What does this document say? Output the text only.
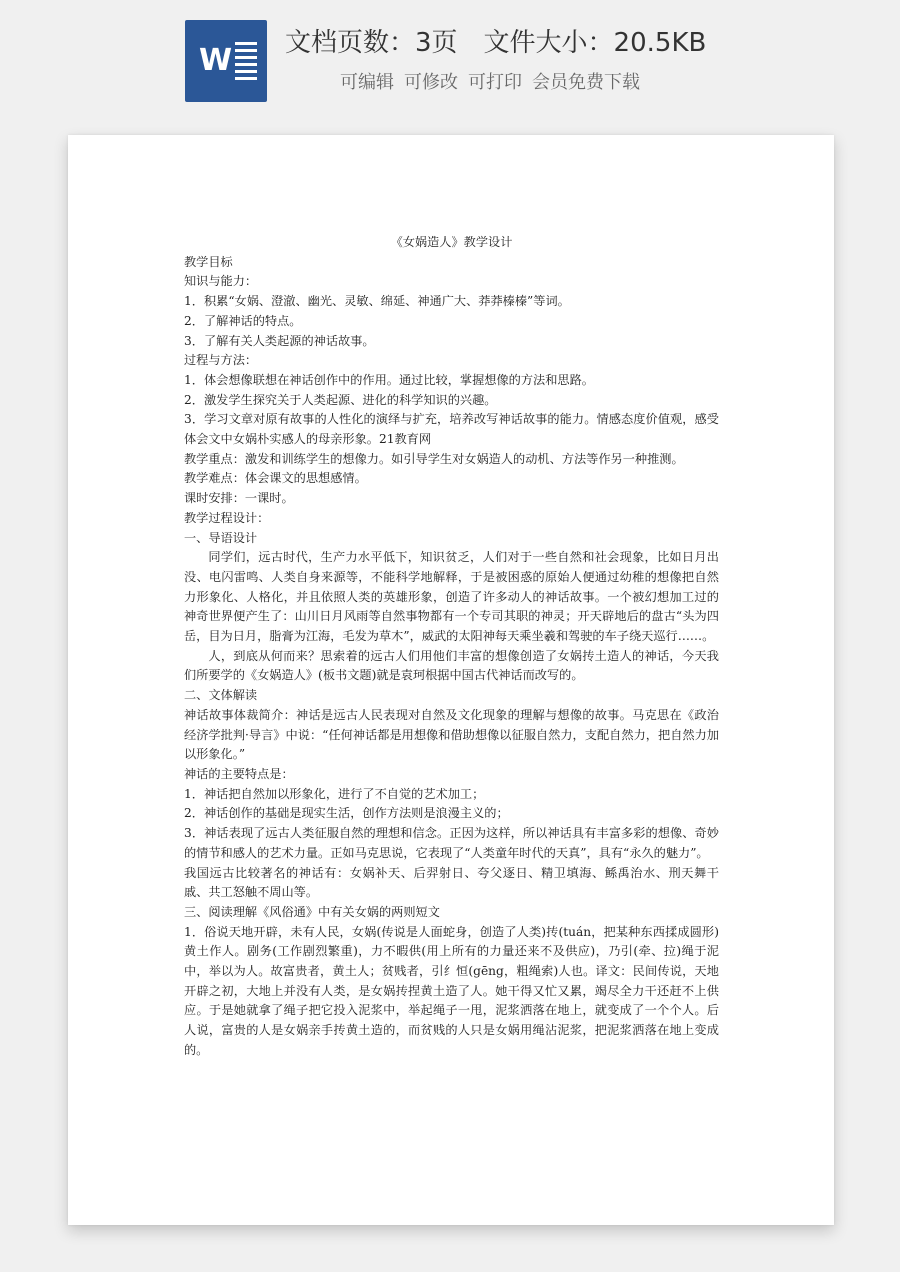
W 文档页数：3页 文件大小：20.5KB
可编辑 可修改 可打印 会员免费下载

《女娲造人》教学设计

教学目标

知识与能力：

1．积累“女娲、澄澈、幽光、灵敏、绵延、神通广大、莽莽榛榛”等词。

2．了解神话的特点。

3．了解有关人类起源的神话故事。

过程与方法：

1．体会想像联想在神话创作中的作用。通过比较，掌握想像的方法和思路。

2．激发学生探究关于人类起源、进化的科学知识的兴趣。

3．学习文章对原有故事的人性化的演绎与扩充，培养改写神话故事的能力。情感态度价值观，感受体会文中女娲朴实感人的母亲形象。21教育网

教学重点：激发和训练学生的想像力。如引导学生对女娲造人的动机、方法等作另一种推测。

教学难点：体会课文的思想感情。

课时安排：一课时。

教学过程设计：

一、导语设计

同学们，远古时代，生产力水平低下，知识贫乏，人们对于一些自然和社会现象，比如日月出没、电闪雷鸣、人类自身来源等，不能科学地解释，于是被困惑的原始人便通过幼稚的想像把自然力形象化、人格化，并且依照人类的英雄形象，创造了许多动人的神话故事。一个被幻想加工过的神奇世界便产生了：山川日月风雨等自然事物都有一个专司其职的神灵；开天辟地后的盘古“头为四岳，目为日月，脂膏为江海，毛发为草木”，威武的太阳神每天乘坐羲和驾驶的车子绕天巡行……。

人，到底从何而来？思索着的远古人们用他们丰富的想像创造了女娲抟土造人的神话，今天我们所要学的《女娲造人》(板书文题)就是袁珂根据中国古代神话而改写的。

二、文体解读

神话故事体裁简介：神话是远古人民表现对自然及文化现象的理解与想像的故事。马克思在《政治经济学批判·导言》中说：“任何神话都是用想像和借助想像以征服自然力，支配自然力，把自然力加以形象化。”

神话的主要特点是：

1．神话把自然加以形象化，进行了不自觉的艺术加工；

2．神话创作的基础是现实生活，创作方法则是浪漫主义的；

3．神话表现了远古人类征服自然的理想和信念。正因为这样，所以神话具有丰富多彩的想像、奇妙的情节和感人的艺术力量。正如马克思说，它表现了“人类童年时代的天真”，具有“永久的魅力”。

我国远古比较著名的神话有：女娲补天、后羿射日、夸父逐日、精卫填海、鲧禹治水、刑天舞干戚、共工怒触不周山等。

三、阅读理解《风俗通》中有关女娲的两则短文

1．俗说天地开辟，未有人民，女娲(传说是人面蛇身，创造了人类)抟(tuán，把某种东西揉成圆形)黄土作人。剧务(工作剧烈繁重)，力不暇供(用上所有的力量还来不及供应)，乃引(牵、拉)绳于泥中，举以为人。故富贵者，黄土人；贫贱者，引纟恒(gēng，粗绳索)人也。译文：民间传说，天地开辟之初，大地上并没有人类，是女娲抟捏黄土造了人。她干得又忙又累，竭尽全力干还赶不上供应。于是她就拿了绳子把它投入泥浆中，举起绳子一甩，泥浆洒落在地上，就变成了一个个人。后人说，富贵的人是女娲亲手抟黄土造的，而贫贱的人只是女娲用绳沾泥浆，把泥浆洒落在地上变成的。
